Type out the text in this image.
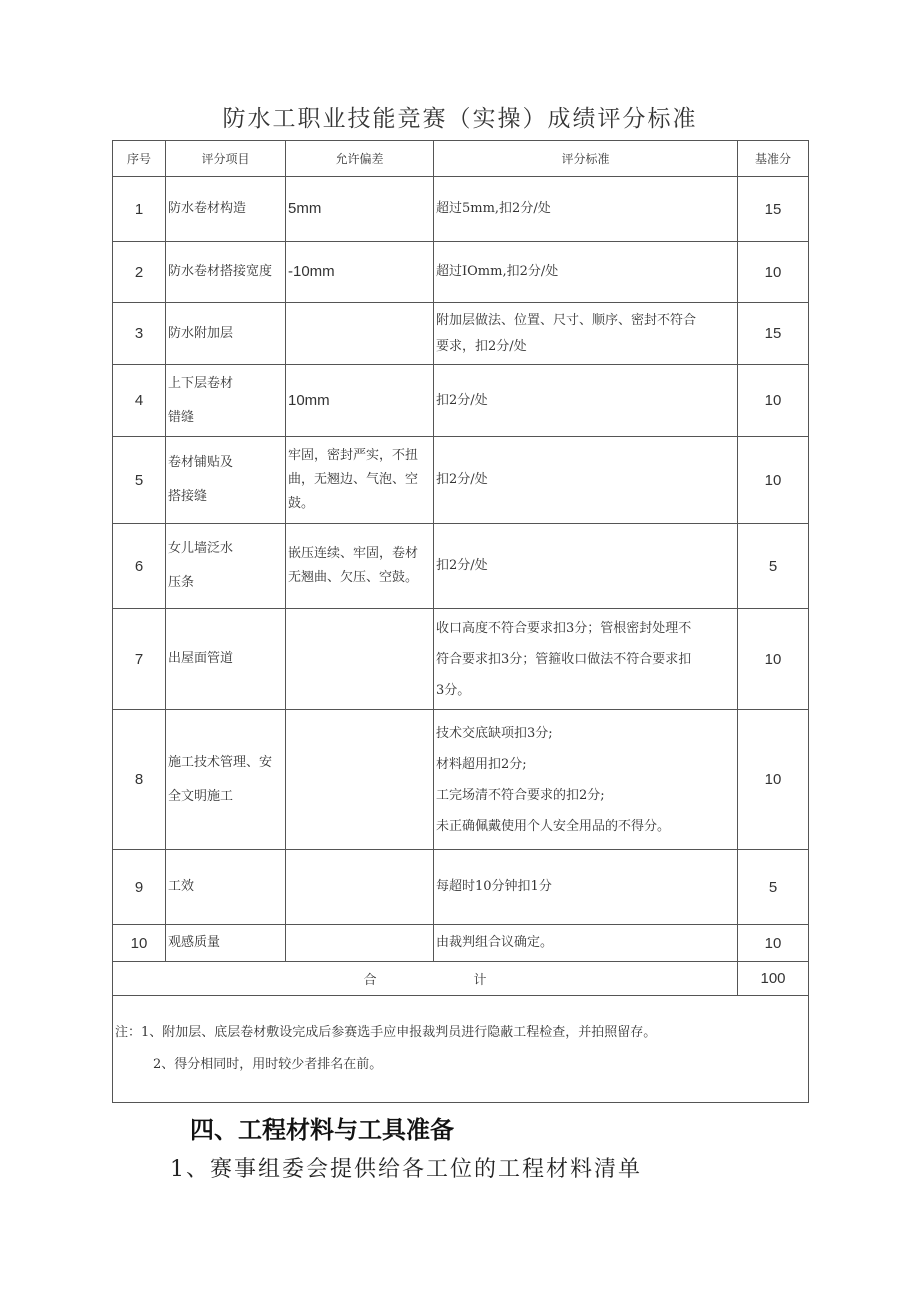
防水工职业技能竞赛（实操）成绩评分标准
序号	评分项目	允许偏差	评分标准	基准分
1	防水卷材构造	5mm	超过5mm,扣2分/处	15
2	防水卷材搭接宽度	-10mm	超过IOmm,扣2分/处	10
3	防水附加层		附加层做法、位置、尺寸、顺序、密封不符合
要求，扣2分/处	15
4	上下层卷材
错缝	10mm	扣2分/处	10
5	卷材铺贴及
搭接缝	牢固，密封严实，不扭
曲，无翘边、气泡、空
鼓。	扣2分/处	10
6	女儿墙泛水
压条	嵌压连续、牢固，卷材
无翘曲、欠压、空鼓。	扣2分/处	5
7	出屋面管道		收口高度不符合要求扣3分；管根密封处理不
符合要求扣3分；管箍收口做法不符合要求扣
3分。	10
8	施工技术管理、安
全文明施工		技术交底缺项扣3分;
材料超用扣2分;
工完场清不符合要求的扣2分;
未正确佩戴使用个人安全用品的不得分。	10
9	工效		每超时10分钟扣1分	5
10	观感质量		由裁判组合议确定。	10
合 计				100

注：1、附加层、底层卷材敷设完成后参赛选手应申报裁判员进行隐蔽工程检查，并拍照留存。
2、得分相同时，用时较少者排名在前。				
四、工程材料与工具准备
1、赛事组委会提供给各工位的工程材料清单
